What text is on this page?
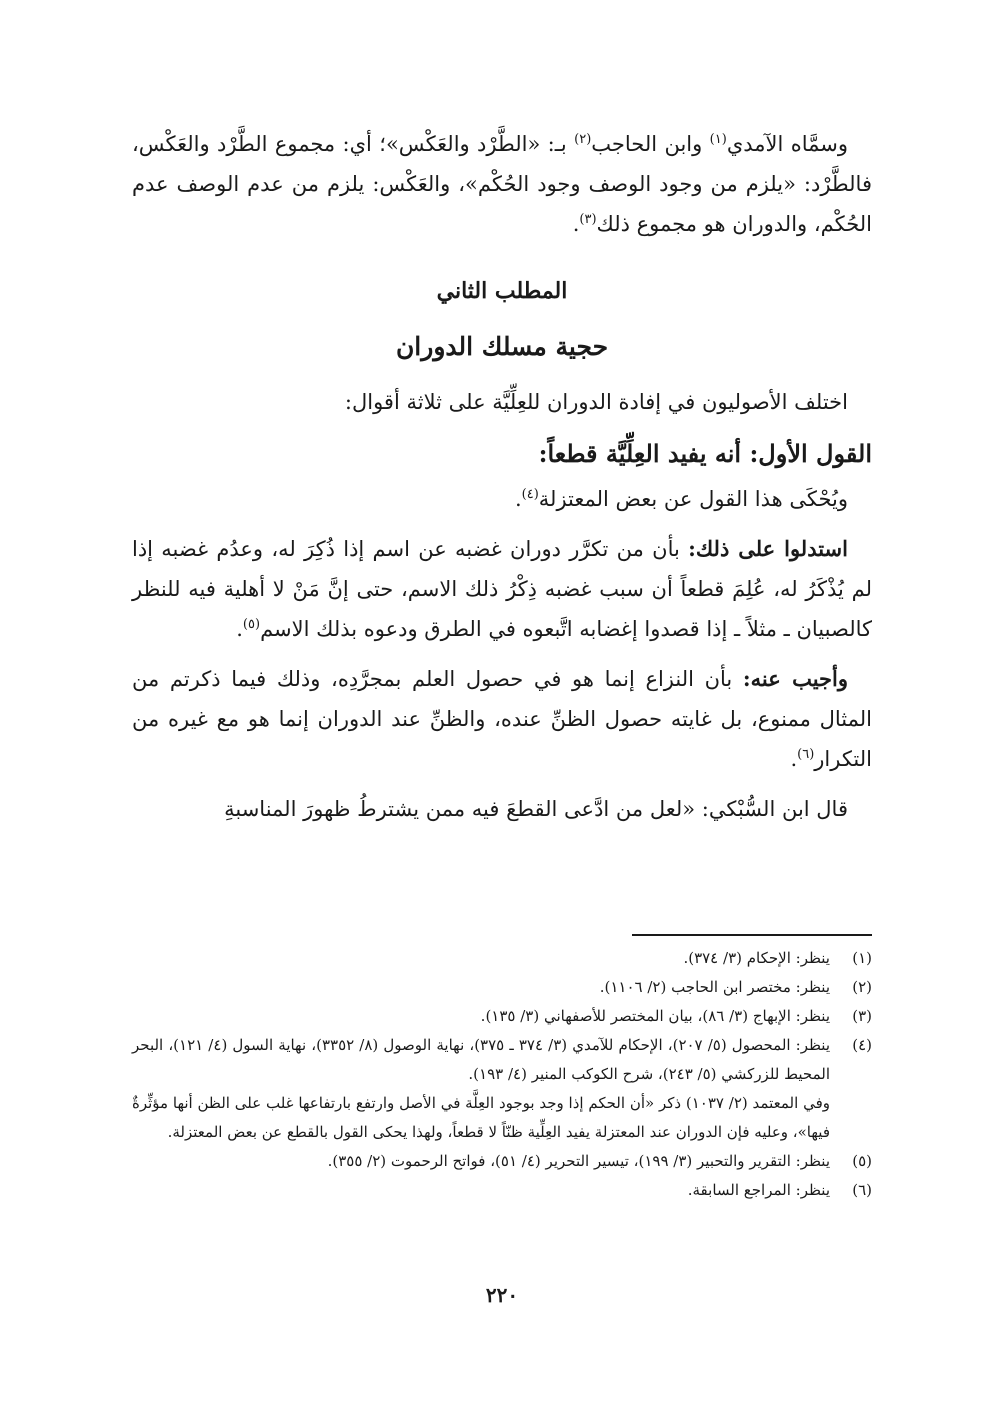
وسمَّاه الآمدي$^{(١)}$ وابن الحاجب$^{(٢)}$ بـ: «الطَّرْد والعَكْس»؛ أي: مجموع الطَّرْد والعَكْس، فالطَّرْد: «يلزم من وجود الوصف وجود الحُكْم»، والعَكْس: يلزم من عدم الوصف عدم الحُكْم، والدوران هو مجموع ذلك$^{(٣)}$.

المطلب الثاني
حجية مسلك الدوران

اختلف الأصوليون في إفادة الدوران للعِلِّيَّة على ثلاثة أقوال:

القول الأول: أنه يفيد العِلِّيَّة قطعاً:

ويُحْكَى هذا القول عن بعض المعتزلة$^{(٤)}$.

استدلوا على ذلك: بأن من تكرَّر دوران غضبه عن اسم إذا ذُكِرَ له، وعدُم غضبه إذا لم يُذْكَرُ له، عُلِمَ قطعاً أن سبب غضبه ذِكْرُ ذلك الاسم، حتى إنَّ مَنْ لا أهلية فيه للنظر كالصبيان ـ مثلاً ـ إذا قصدوا إغضابه اتَّبعوه في الطرق ودعوه بذلك الاسم$^{(٥)}$.

وأجيب عنه: بأن النزاع إنما هو في حصول العلم بمجرَّدِه، وذلك فيما ذكرتم من المثال ممنوع، بل غايته حصول الظنِّ عنده، والظنِّ عند الدوران إنما هو مع غيره من التكرار$^{(٦)}$.

قال ابن السُّبْكي: «لعل من ادَّعى القطعَ فيه ممن يشترطُ ظهورَ المناسبةِ

(١)
ينظر: الإحكام (٣/ ٣٧٤).
(٢)
ينظر: مختصر ابن الحاجب (٢/ ١١٠٦).
(٣)
ينظر: الإبهاج (٣/ ٨٦)، بيان المختصر للأصفهاني (٣/ ١٣٥).
(٤)
ينظر: المحصول (٥/ ٢٠٧)، الإحكام للآمدي (٣/ ٣٧٤ ـ ٣٧٥)، نهاية الوصول (٨/ ٣٣٥٢)، نهاية السول (٤/ ١٢١)، البحر المحيط للزركشي (٥/ ٢٤٣)، شرح الكوكب المنير (٤/ ١٩٣).
وفي المعتمد (٢/ ١٠٣٧) ذكر «أن الحكم إذا وجد بوجود العِلَّة في الأصل وارتفع بارتفاعها غلب على الظن أنها مؤثِّرةٌ فيها»، وعليه فإن الدوران عند المعتزلة يفيد العِلِّية ظنّاً لا قطعاً، ولهذا يحكى القول بالقطع عن بعض المعتزلة.
(٥)
ينظر: التقرير والتحبير (٣/ ١٩٩)، تيسير التحرير (٤/ ٥١)، فواتح الرحموت (٢/ ٣٥٥).
(٦)
ينظر: المراجع السابقة.
٢٢٠
